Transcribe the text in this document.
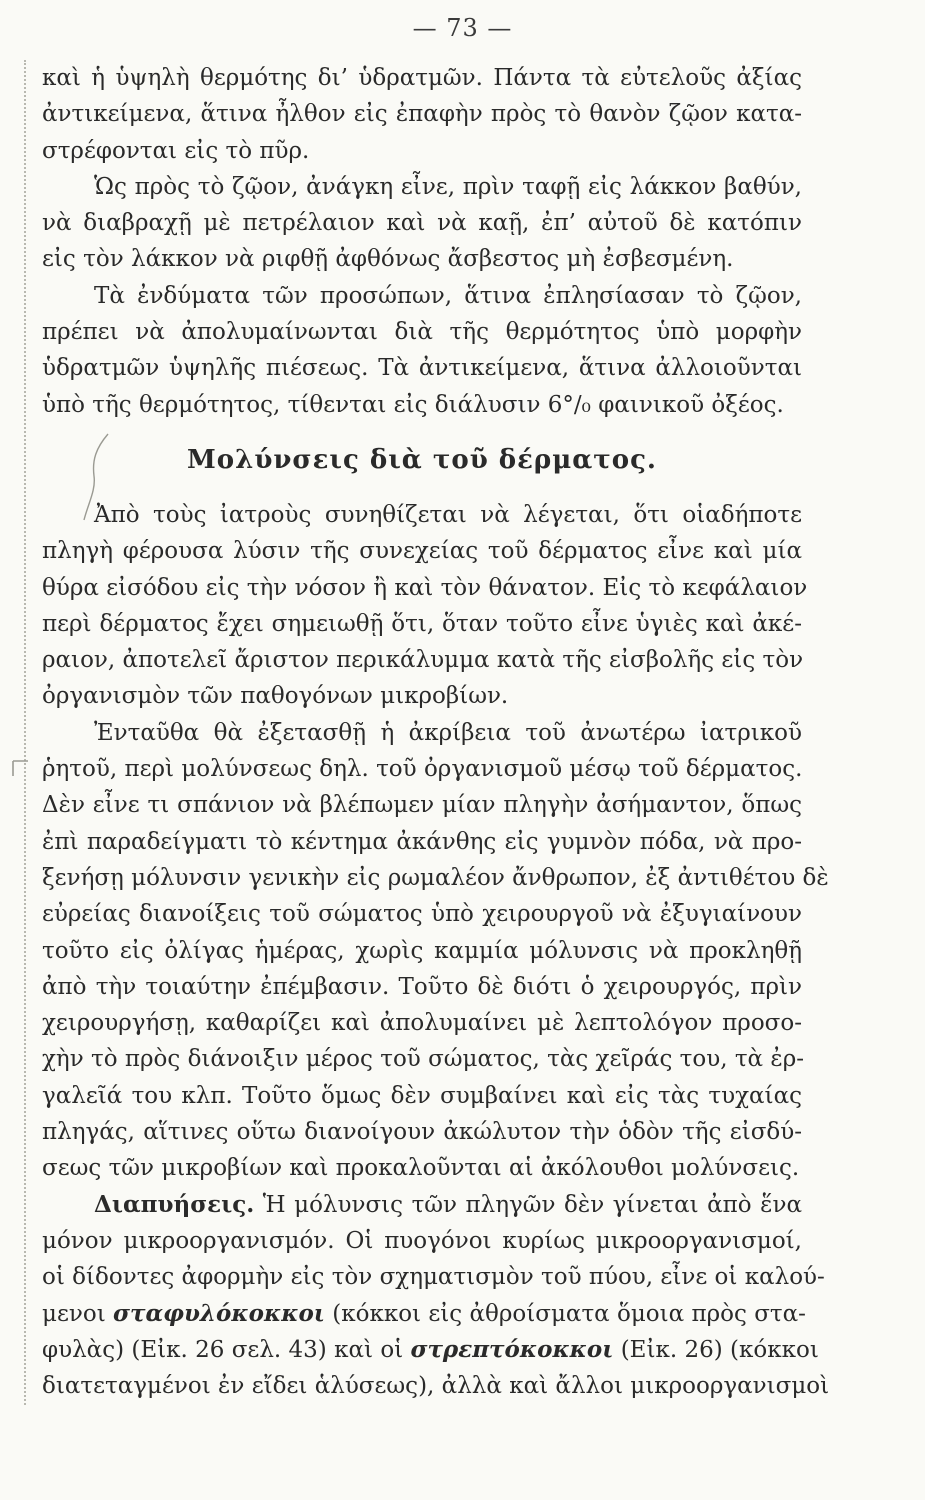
— 73 —
καὶ ἡ ὑψηλὴ θερμότης δι’ ὑδρατμῶν. Πάντα τὰ εὐτελοῦς ἀξίας
ἀντικείμενα, ἅτινα ἦλθον εἰς ἐπαφὴν πρὸς τὸ θανὸν ζῷον κατα-
στρέφονται εἰς τὸ πῦρ.
Ὡς πρὸς τὸ ζῷον, ἀνάγκη εἶνε, πρὶν ταφῇ εἰς λάκκον βαθύν,
νὰ διαβραχῇ μὲ πετρέλαιον καὶ νὰ καῇ, ἐπ’ αὐτοῦ δὲ κατόπιν
εἰς τὸν λάκκον νὰ ριφθῇ ἀφθόνως ἄσβεστος μὴ ἐσβεσμένη.
Τὰ ἐνδύματα τῶν προσώπων, ἅτινα ἐπλησίασαν τὸ ζῷον,
πρέπει νὰ ἀπολυμαίνωνται διὰ τῆς θερμότητος ὑπὸ μορφὴν
ὑδρατμῶν ὑψηλῆς πιέσεως. Τὰ ἀντικείμενα, ἅτινα ἀλλοιοῦνται
ὑπὸ τῆς θερμότητος, τίθενται εἰς διάλυσιν 6°/₀ φαινικοῦ ὀξέος.
Μολύνσεις διὰ τοῦ δέρματος.
Ἀπὸ τοὺς ἰατροὺς συνηθίζεται νὰ λέγεται, ὅτι οἱαδήποτε
πληγὴ φέρουσα λύσιν τῆς συνεχείας τοῦ δέρματος εἶνε καὶ μία
θύρα εἰσόδου εἰς τὴν νόσον ἢ καὶ τὸν θάνατον. Εἰς τὸ κεφάλαιον
περὶ δέρματος ἔχει σημειωθῇ ὅτι, ὅταν τοῦτο εἶνε ὑγιὲς καὶ ἀκέ-
ραιον, ἀποτελεῖ ἄριστον περικάλυμμα κατὰ τῆς εἰσβολῆς εἰς τὸν
ὀργανισμὸν τῶν παθογόνων μικροβίων.
Ἐνταῦθα θὰ ἐξετασθῇ ἡ ἀκρίβεια τοῦ ἀνωτέρω ἰατρικοῦ
ῥητοῦ, περὶ μολύνσεως δηλ. τοῦ ὀργανισμοῦ μέσῳ τοῦ δέρματος.
Δὲν εἶνε τι σπάνιον νὰ βλέπωμεν μίαν πληγὴν ἀσήμαντον, ὅπως
ἐπὶ παραδείγματι τὸ κέντημα ἀκάνθης εἰς γυμνὸν πόδα, νὰ προ-
ξενήσῃ μόλυνσιν γενικὴν εἰς ρωμαλέον ἄνθρωπον, ἐξ ἀντιθέτου δὲ
εὐρείας διανοίξεις τοῦ σώματος ὑπὸ χειρουργοῦ νὰ ἐξυγιαίνουν
τοῦτο εἰς ὀλίγας ἡμέρας, χωρὶς καμμία μόλυνσις νὰ προκληθῇ
ἀπὸ τὴν τοιαύτην ἐπέμβασιν. Τοῦτο δὲ διότι ὁ χειρουργός, πρὶν
χειρουργήσῃ, καθαρίζει καὶ ἀπολυμαίνει μὲ λεπτολόγον προσο-
χὴν τὸ πρὸς διάνοιξιν μέρος τοῦ σώματος, τὰς χεῖράς του, τὰ ἐρ-
γαλεῖά του κλπ. Τοῦτο ὅμως δὲν συμβαίνει καὶ εἰς τὰς τυχαίας
πληγάς, αἵτινες οὕτω διανοίγουν ἀκώλυτον τὴν ὁδὸν τῆς εἰσδύ-
σεως τῶν μικροβίων καὶ προκαλοῦνται αἱ ἀκόλουθοι μολύνσεις.
Διαπυήσεις. Ἡ μόλυνσις τῶν πληγῶν δὲν γίνεται ἀπὸ ἕνα
μόνον μικροοργανισμόν. Οἱ πυογόνοι κυρίως μικροοργανισμοί,
οἱ δίδοντες ἀφορμὴν εἰς τὸν σχηματισμὸν τοῦ πύου, εἶνε οἱ καλού-
μενοι σταφυλόκοκκοι (κόκκοι εἰς ἀθροίσματα ὅμοια πρὸς στα-
φυλὰς) (Εἰκ. 26 σελ. 43) καὶ οἱ στρεπτόκοκκοι (Εἰκ. 26) (κόκκοι
διατεταγμένοι ἐν εἴδει ἁλύσεως), ἀλλὰ καὶ ἄλλοι μικροοργανισμοὶ
